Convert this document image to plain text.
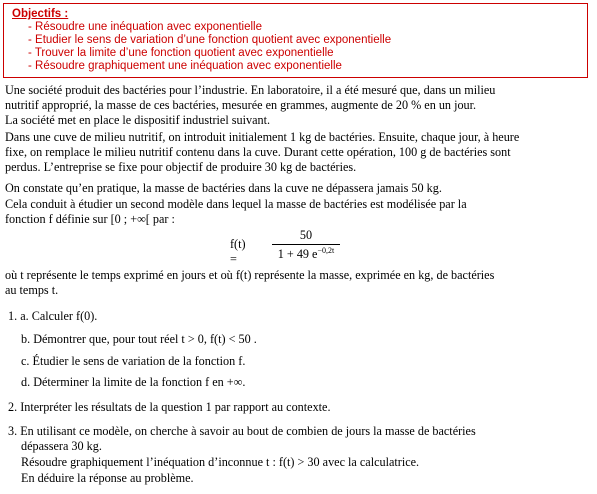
Objectifs :
- Résoudre une inéquation avec exponentielle
- Etudier le sens de variation d’une fonction quotient avec exponentielle
- Trouver la limite d’une fonction quotient avec exponentielle
- Résoudre graphiquement une inéquation avec exponentielle
Une société produit des bactéries pour l’industrie. En laboratoire, il a été mesuré que, dans un milieu
nutritif approprié, la masse de ces bactéries, mesurée en grammes, augmente de 20 % en un jour.
La société met en place le dispositif industriel suivant.
Dans une cuve de milieu nutritif, on introduit initialement 1 kg de bactéries. Ensuite, chaque jour, à heure
fixe, on remplace le milieu nutritif contenu dans la cuve. Durant cette opération, 100 g de bactéries sont
perdus. L’entreprise se fixe pour objectif de produire 30 kg de bactéries.
On constate qu’en pratique, la masse de bactéries dans la cuve ne dépassera jamais 50 kg.
Cela conduit à étudier un second modèle dans lequel la masse de bactéries est modélisée par la
fonction f définie sur [0 ; +∞[ par :
f(t) =
50
1 + 49 $e^{-0,2t}$
où t représente le temps exprimé en jours et où f(t) représente la masse, exprimée en kg, de bactéries
au temps t.
1. a. Calculer f(0).
b. Démontrer que, pour tout réel t > 0, f(t) < 50 .
c. Étudier le sens de variation de la fonction f.
d. Déterminer la limite de la fonction f en +∞.
2. Interpréter les résultats de la question 1 par rapport au contexte.
3. En utilisant ce modèle, on cherche à savoir au bout de combien de jours la masse de bactéries
dépassera 30 kg.
Résoudre graphiquement l’inéquation d’inconnue t : f(t) > 30 avec la calculatrice.
En déduire la réponse au problème.
